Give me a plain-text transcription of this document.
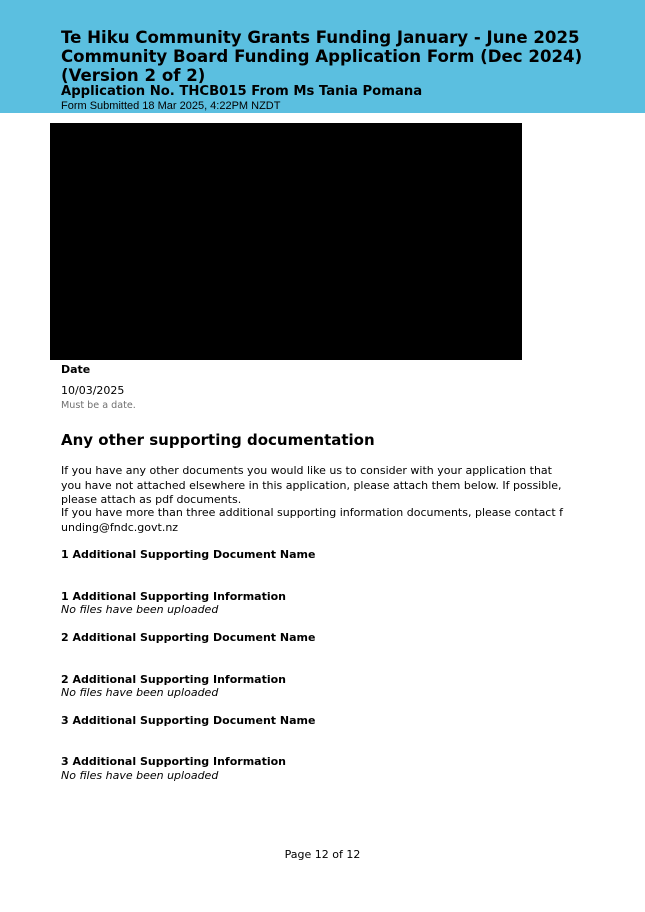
Te Hiku Community Grants Funding January - June 2025 Community Board Funding Application Form (Dec 2024) (Version 2 of 2)
Application No. THCB015 From Ms Tania Pomana

Form Submitted 18 Mar 2025, 4:22PM NZDT

Date
10/03/2025
Must be a date.
Any other supporting documentation

If you have any other documents you would like us to consider with your application that you have not attached elsewhere in this application, please attach them below. If possible, please attach as pdf documents.

If you have more than three additional supporting information documents, please contact funding@fndc.govt.nz

1 Additional Supporting Document Name
1 Additional Supporting Information
No files have been uploaded
2 Additional Supporting Document Name
2 Additional Supporting Information
No files have been uploaded
3 Additional Supporting Document Name
3 Additional Supporting Information
No files have been uploaded
Page 12 of 12
